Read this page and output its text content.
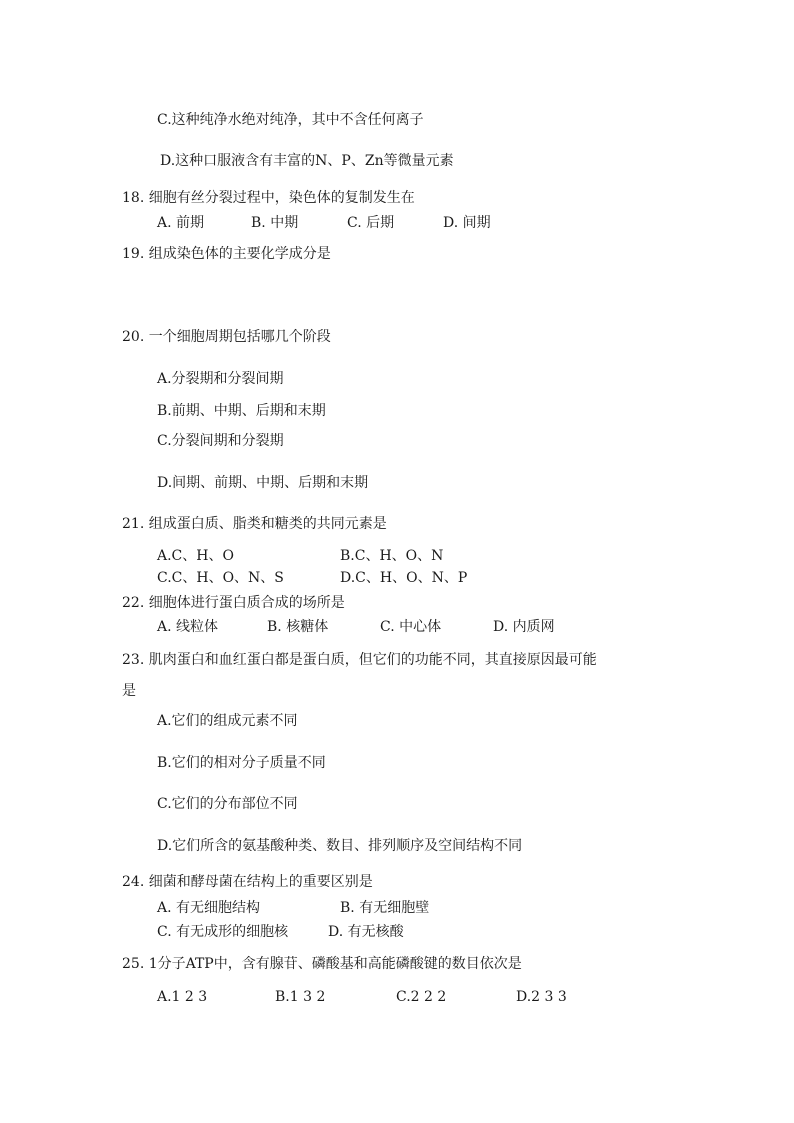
C.这种纯净水绝对纯净，其中不含任何离子
D.这种口服液含有丰富的N、P、Zn等微量元素
18. 细胞有丝分裂过程中，染色体的复制发生在
A. 前期	B. 中期	C. 后期	D. 间期
19. 组成染色体的主要化学成分是
20. 一个细胞周期包括哪几个阶段
A.分裂期和分裂间期
B.前期、中期、后期和末期
C.分裂间期和分裂期
D.间期、前期、中期、后期和末期
21. 组成蛋白质、脂类和糖类的共同元素是
A.C、H、O	B.C、H、O、N
C.C、H、O、N、S	D.C、H、O、N、P
22. 细胞体进行蛋白质合成的场所是
A. 线粒体	B. 核糖体	C. 中心体	D. 内质网
23. 肌肉蛋白和血红蛋白都是蛋白质，但它们的功能不同，其直接原因最可能
是
A.它们的组成元素不同
B.它们的相对分子质量不同
C.它们的分布部位不同
D.它们所含的氨基酸种类、数目、排列顺序及空间结构不同
24. 细菌和酵母菌在结构上的重要区别是
A. 有无细胞结构	B. 有无细胞壁
C. 有无成形的细胞核	D. 有无核酸
25. 1分子ATP中，含有腺苷、磷酸基和高能磷酸键的数目依次是
A.1 2 3	B.1 3 2	C.2 2 2	D.2 3 3
